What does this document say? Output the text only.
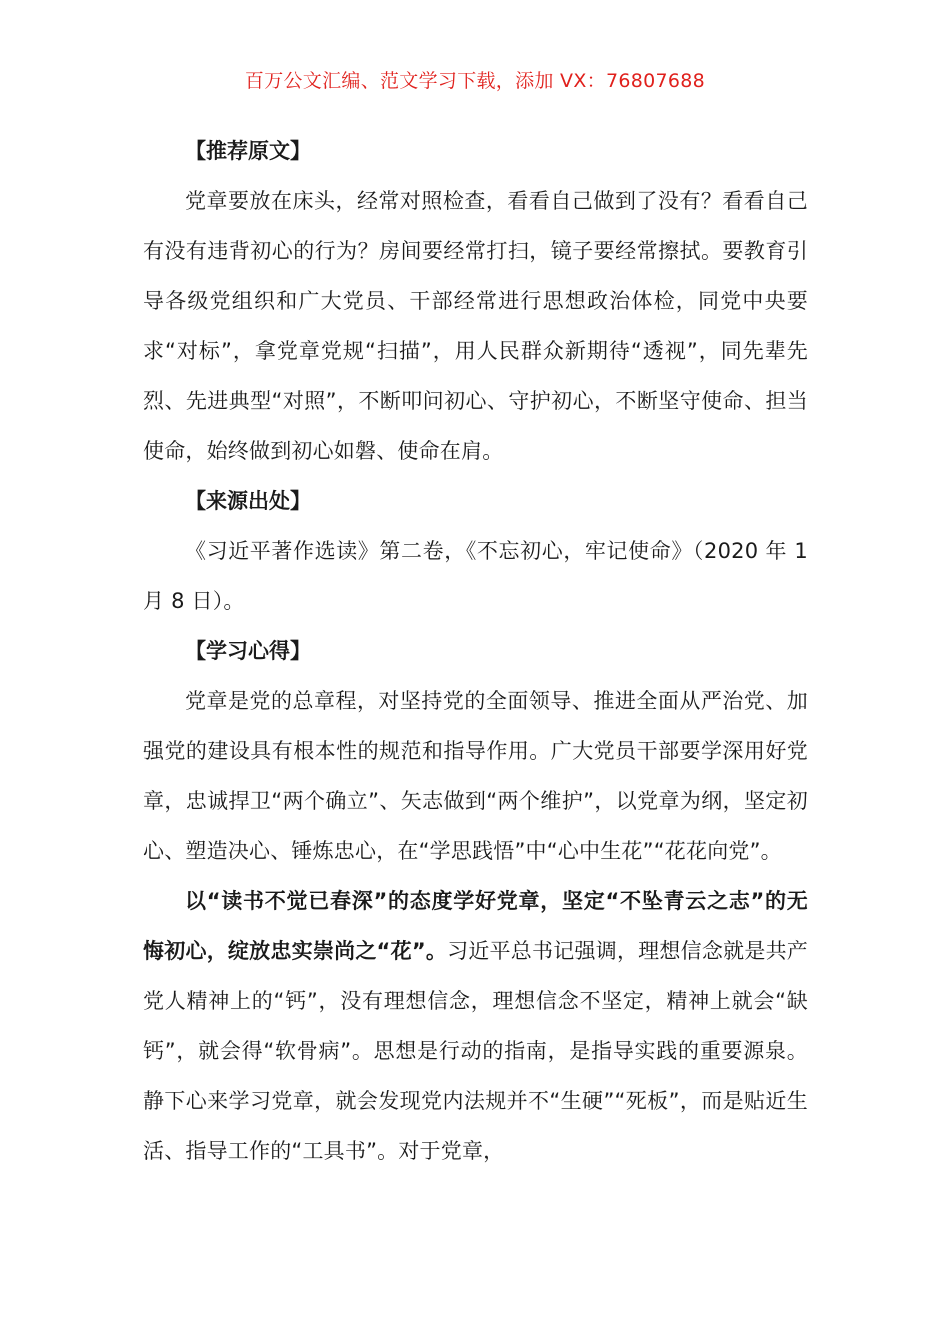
百万公文汇编、范文学习下载，添加 VX：76807688

【推荐原文】

党章要放在床头，经常对照检查，看看自己做到了没有？看看自己有没有违背初心的行为？房间要经常打扫，镜子要经常擦拭。要教育引导各级党组织和广大党员、干部经常进行思想政治体检，同党中央要求“对标”，拿党章党规“扫描”，用人民群众新期待“透视”，同先辈先烈、先进典型“对照”，不断叩问初心、守护初心，不断坚守使命、担当使命，始终做到初心如磐、使命在肩。

【来源出处】

《习近平著作选读》第二卷，《不忘初心，牢记使命》（2020 年 1 月 8 日）。

【学习心得】

党章是党的总章程，对坚持党的全面领导、推进全面从严治党、加强党的建设具有根本性的规范和指导作用。广大党员干部要学深用好党章，忠诚捍卫“两个确立”、矢志做到“两个维护”，以党章为纲，坚定初心、塑造决心、锤炼忠心，在“学思践悟”中“心中生花”“花花向党”。

以“读书不觉已春深”的态度学好党章，坚定“不坠青云之志”的无悔初心，绽放忠实崇尚之“花”。习近平总书记强调，理想信念就是共产党人精神上的“钙”，没有理想信念，理想信念不坚定，精神上就会“缺钙”，就会得“软骨病”。思想是行动的指南，是指导实践的重要源泉。静下心来学习党章，就会发现党内法规并不“生硬”“死板”，而是贴近生活、指导工作的“工具书”。对于党章，
